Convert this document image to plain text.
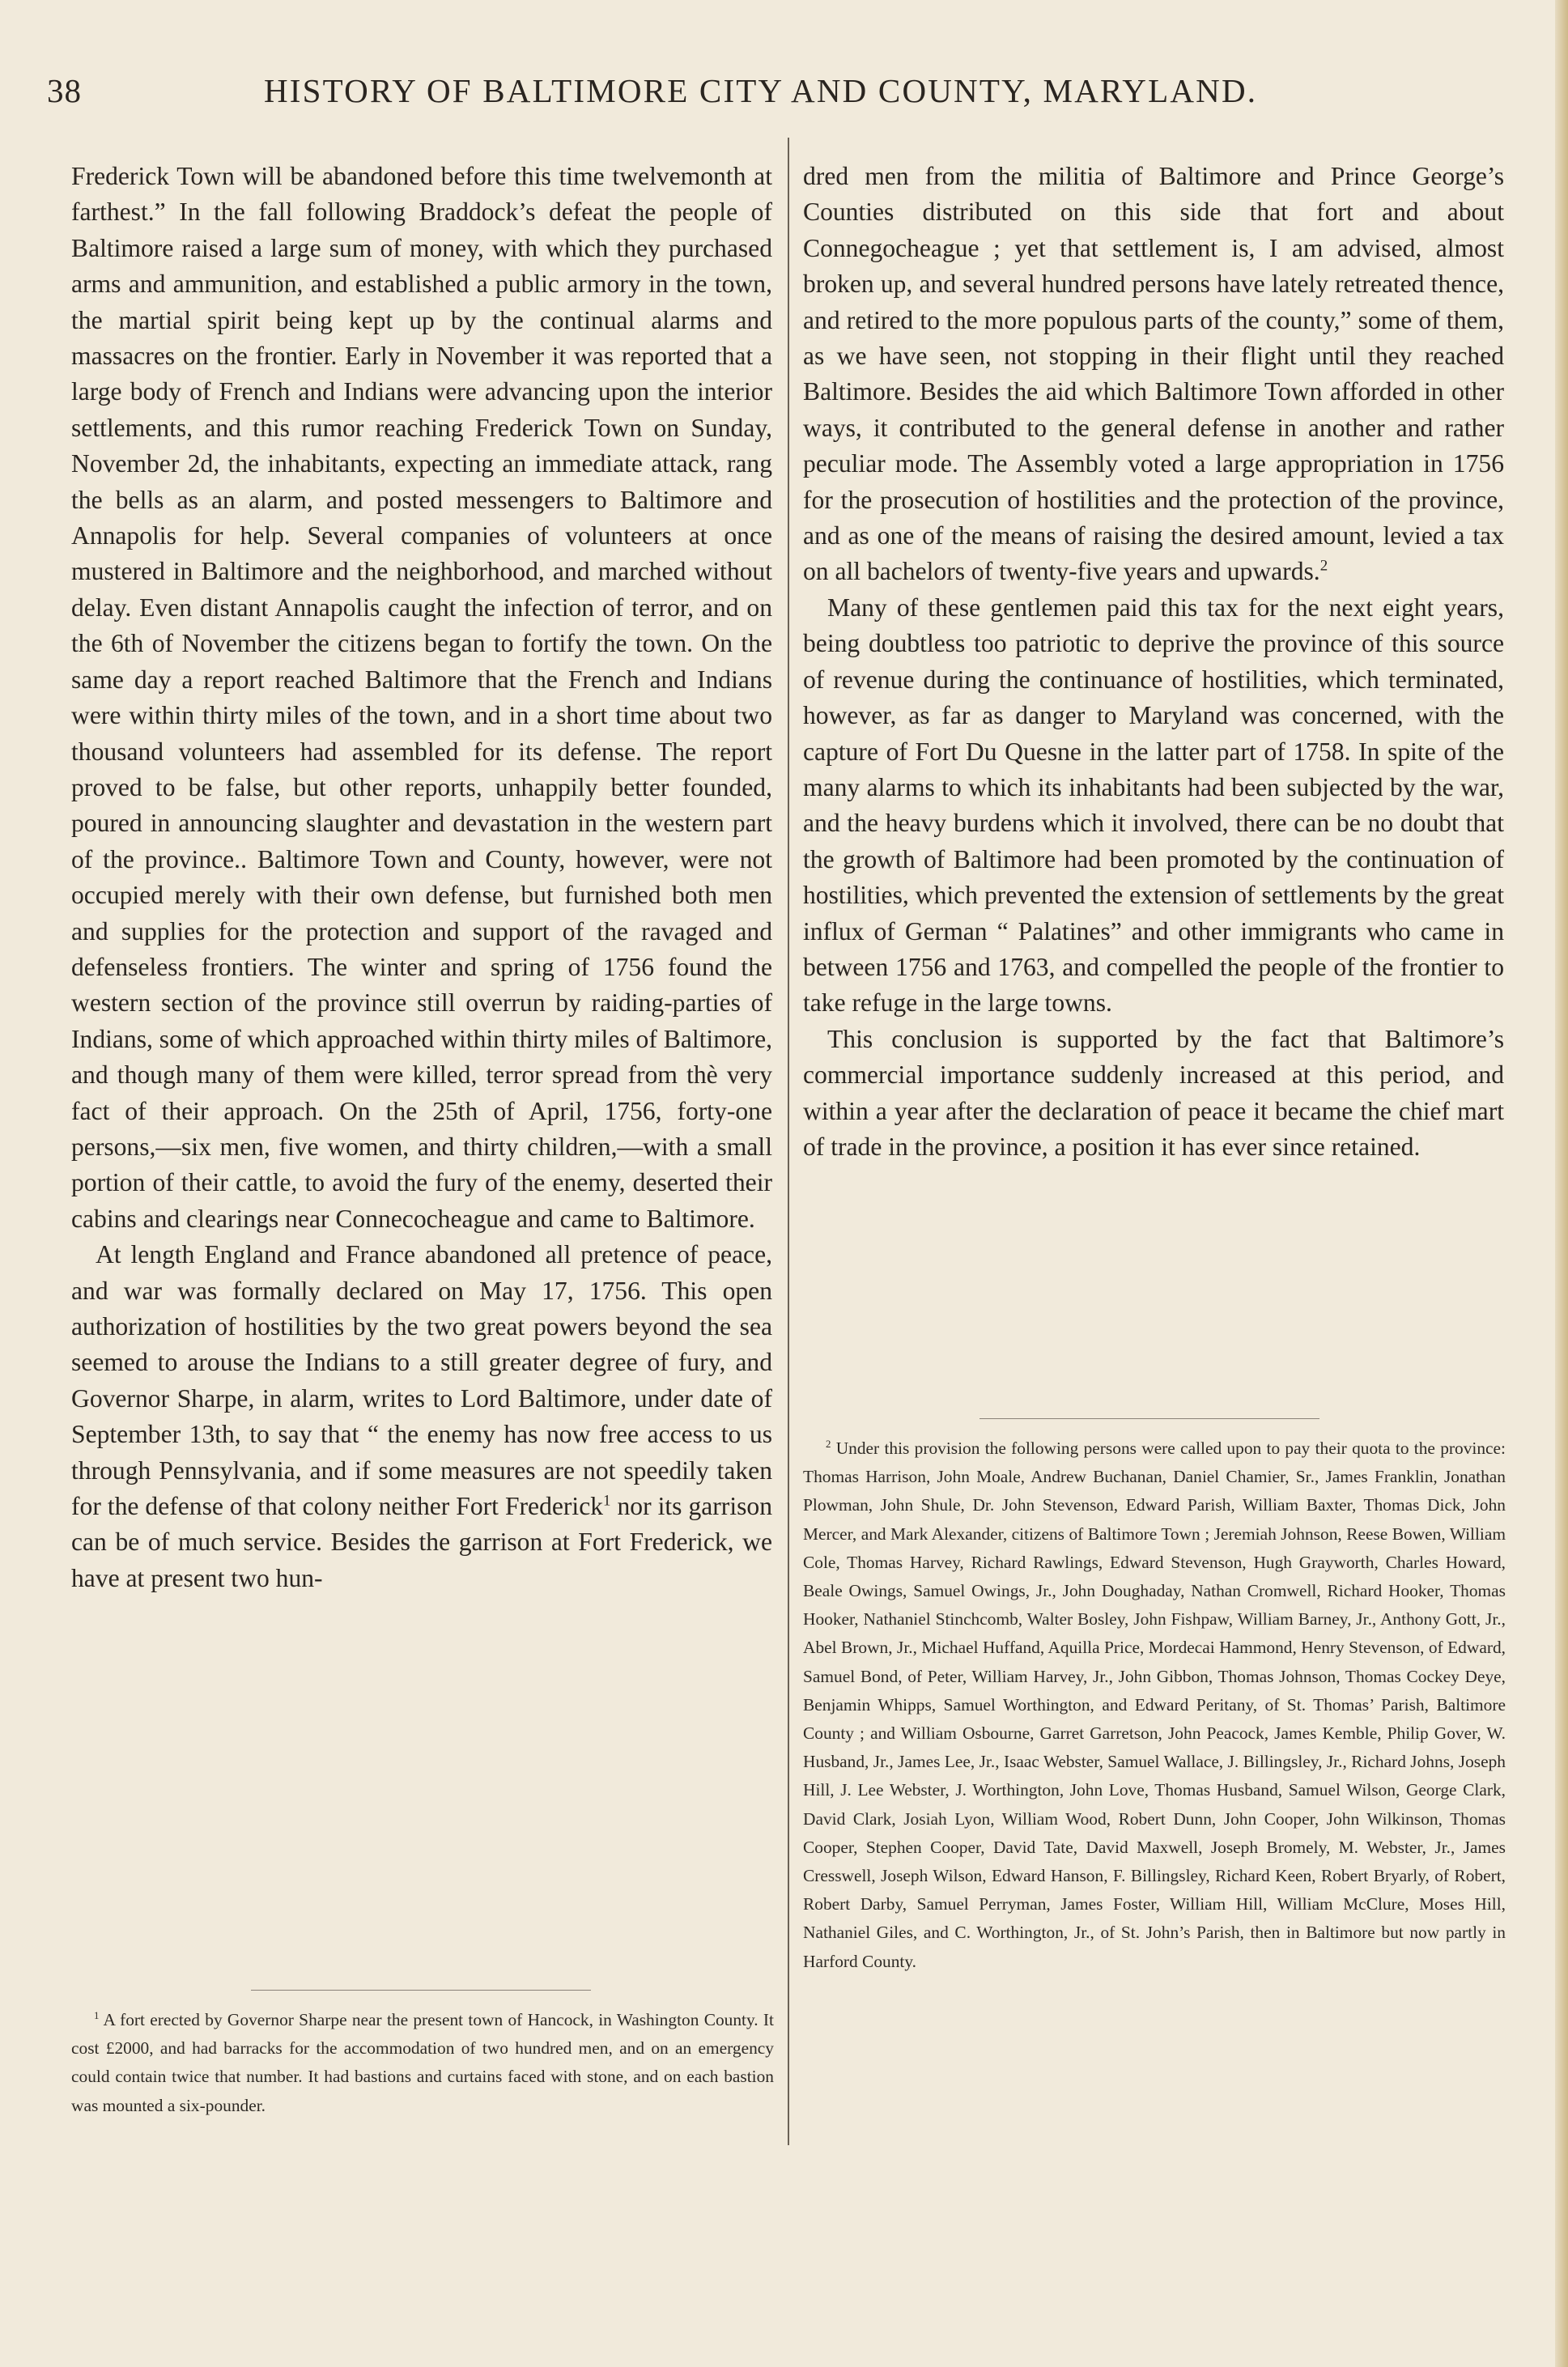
38	HISTORY OF BALTIMORE CITY AND COUNTY, MARYLAND.

Frederick Town will be abandoned before this time twelvemonth at farthest.” In the fall following Braddock’s defeat the people of Baltimore raised a large sum of money, with which they purchased arms and ammunition, and established a public armory in the town, the martial spirit being kept up by the continual alarms and massacres on the frontier. Early in November it was reported that a large body of French and Indians were advancing upon the interior settlements, and this rumor reaching Frederick Town on Sunday, November 2d, the inhabitants, expecting an immediate attack, rang the bells as an alarm, and posted messengers to Baltimore and Annapolis for help. Several companies of volunteers at once mustered in Baltimore and the neighborhood, and marched without delay. Even distant Annapolis caught the infection of terror, and on the 6th of November the citizens began to fortify the town. On the same day a report reached Baltimore that the French and Indians were within thirty miles of the town, and in a short time about two thousand volunteers had assembled for its defense. The report proved to be false, but other reports, unhappily better founded, poured in announcing slaughter and devastation in the western part of the province.. Baltimore Town and County, however, were not occupied merely with their own defense, but furnished both men and supplies for the protection and support of the ravaged and defenseless frontiers. The winter and spring of 1756 found the western section of the province still overrun by raiding-parties of Indians, some of which approached within thirty miles of Baltimore, and though many of them were killed, terror spread from thè very fact of their approach. On the 25th of April, 1756, forty-one persons,—six men, five women, and thirty children,—with a small portion of their cattle, to avoid the fury of the enemy, deserted their cabins and clearings near Connecocheague and came to Baltimore.

At length England and France abandoned all pretence of peace, and war was formally declared on May 17, 1756. This open authorization of hostilities by the two great powers beyond the sea seemed to arouse the Indians to a still greater degree of fury, and Governor Sharpe, in alarm, writes to Lord Baltimore, under date of September 13th, to say that “ the enemy has now free access to us through Pennsylvania, and if some measures are not speedily taken for the defense of that colony neither Fort Frederick$^1$ nor its garrison can be of much service. Besides the garrison at Fort Frederick, we have at present two hun-

dred men from the militia of Baltimore and Prince George’s Counties distributed on this side that fort and about Connegocheague ; yet that settlement is, I am advised, almost broken up, and several hundred persons have lately retreated thence, and retired to the more populous parts of the county,” some of them, as we have seen, not stopping in their flight until they reached Baltimore. Besides the aid which Baltimore Town afforded in other ways, it contributed to the general defense in another and rather peculiar mode. The Assembly voted a large appropriation in 1756 for the prosecution of hostilities and the protection of the province, and as one of the means of raising the desired amount, levied a tax on all bachelors of twenty-five years and upwards.$^2$

Many of these gentlemen paid this tax for the next eight years, being doubtless too patriotic to deprive the province of this source of revenue during the continuance of hostilities, which terminated, however, as far as danger to Maryland was concerned, with the capture of Fort Du Quesne in the latter part of 1758. In spite of the many alarms to which its inhabitants had been subjected by the war, and the heavy burdens which it involved, there can be no doubt that the growth of Baltimore had been promoted by the continuation of hostilities, which prevented the extension of settlements by the great influx of German “ Palatines” and other immigrants who came in between 1756 and 1763, and compelled the people of the frontier to take refuge in the large towns.

This conclusion is supported by the fact that Baltimore’s commercial importance suddenly increased at this period, and within a year after the declaration of peace it became the chief mart of trade in the province, a position it has ever since retained.

$^1$ A fort erected by Governor Sharpe near the present town of Hancock, in Washington County. It cost £2000, and had barracks for the accommodation of two hundred men, and on an emergency could contain twice that number. It had bastions and curtains faced with stone, and on each bastion was mounted a six-pounder.

$^2$ Under this provision the following persons were called upon to pay their quota to the province: Thomas Harrison, John Moale, Andrew Buchanan, Daniel Chamier, Sr., James Franklin, Jonathan Plowman, John Shule, Dr. John Stevenson, Edward Parish, William Baxter, Thomas Dick, John Mercer, and Mark Alexander, citizens of Baltimore Town ; Jeremiah Johnson, Reese Bowen, William Cole, Thomas Harvey, Richard Rawlings, Edward Stevenson, Hugh Grayworth, Charles Howard, Beale Owings, Samuel Owings, Jr., John Doughaday, Nathan Cromwell, Richard Hooker, Thomas Hooker, Nathaniel Stinchcomb, Walter Bosley, John Fishpaw, William Barney, Jr., Anthony Gott, Jr., Abel Brown, Jr., Michael Huffand, Aquilla Price, Mordecai Hammond, Henry Stevenson, of Edward, Samuel Bond, of Peter, William Harvey, Jr., John Gibbon, Thomas Johnson, Thomas Cockey Deye, Benjamin Whipps, Samuel Worthington, and Edward Peritany, of St. Thomas’ Parish, Baltimore County ; and William Osbourne, Garret Garretson, John Peacock, James Kemble, Philip Gover, W. Husband, Jr., James Lee, Jr., Isaac Webster, Samuel Wallace, J. Billingsley, Jr., Richard Johns, Joseph Hill, J. Lee Webster, J. Worthington, John Love, Thomas Husband, Samuel Wilson, George Clark, David Clark, Josiah Lyon, William Wood, Robert Dunn, John Cooper, John Wilkinson, Thomas Cooper, Stephen Cooper, David Tate, David Maxwell, Joseph Bromely, M. Webster, Jr., James Cresswell, Joseph Wilson, Edward Hanson, F. Billingsley, Richard Keen, Robert Bryarly, of Robert, Robert Darby, Samuel Perryman, James Foster, William Hill, William McClure, Moses Hill, Nathaniel Giles, and C. Worthington, Jr., of St. John’s Parish, then in Baltimore but now partly in Harford County.
